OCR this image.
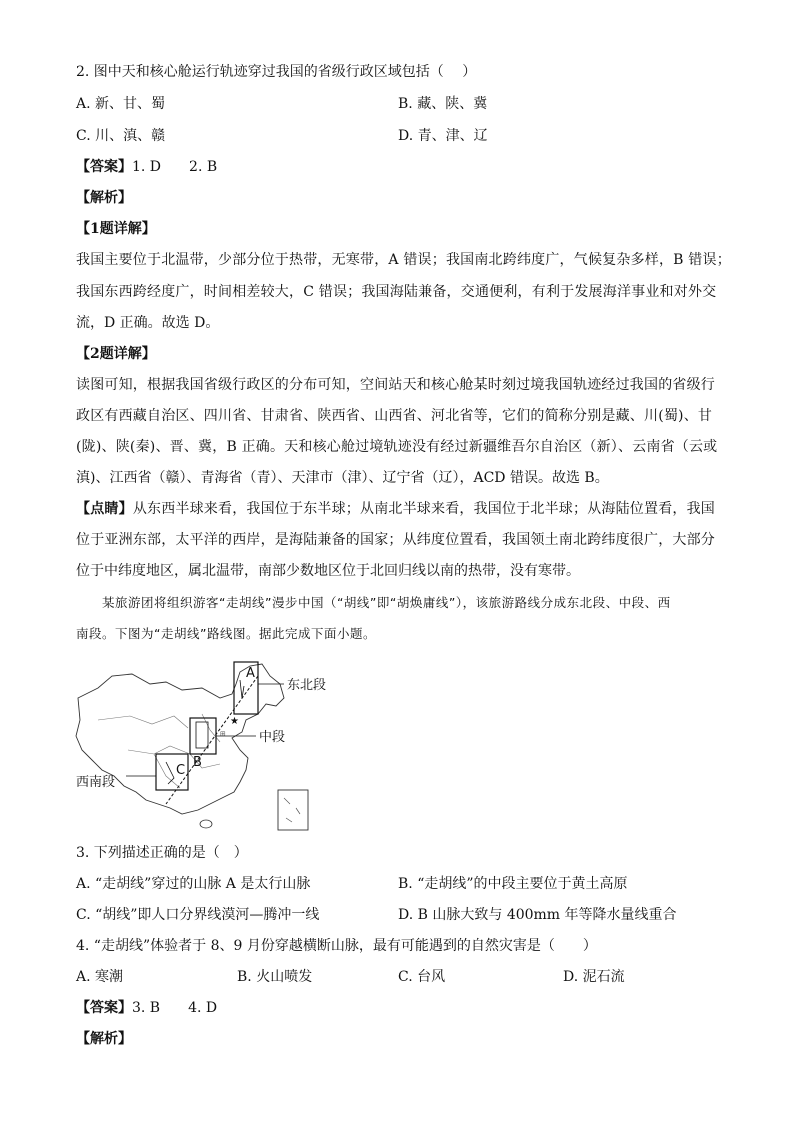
2. 图中天和核心舱运行轨迹穿过我国的省级行政区域包括（　 ）
A. 新、甘、蜀	B. 藏、陕、冀
C. 川、滇、赣	D. 青、津、辽
【答案】1. D　　2. B
【解析】
【1题详解】
我国主要位于北温带，少部分位于热带，无寒带，A 错误；我国南北跨纬度广，气候复杂多样，B 错误；
我国东西跨经度广，时间相差较大，C 错误；我国海陆兼备，交通便利，有利于发展海洋事业和对外交
流，D 正确。故选 D。
【2题详解】
读图可知，根据我国省级行政区的分布可知，空间站天和核心舱某时刻过境我国轨迹经过我国的省级行
政区有西藏自治区、四川省、甘肃省、陕西省、山西省、河北省等，它们的简称分别是藏、川(蜀)、甘
(陇)、陕(秦)、晋、冀，B 正确。天和核心舱过境轨迹没有经过新疆维吾尔自治区（新）、云南省（云或
滇)、江西省（赣）、青海省（青）、天津市（津）、辽宁省（辽），ACD 错误。故选 B。
【点睛】从东西半球来看，我国位于东半球；从南北半球来看，我国位于北半球；从海陆位置看，我国
位于亚洲东部，太平洋的西岸，是海陆兼备的国家；从纬度位置看，我国领土南北跨纬度很广，大部分
位于中纬度地区，属北温带，南部少数地区位于北回归线以南的热带，没有寒带。
　　某旅游团将组织游客“走胡线”漫步中国（“胡线”即“胡焕庸线”），该旅游路线分成东北段、中段、西
南段。下图为“走胡线”路线图。据此完成下面小题。
A
东北段
★
⊞	中段
B
C
西南段
3. 下列描述正确的是（　）
A. “走胡线”穿过的山脉 A 是太行山脉	B. “走胡线”的中段主要位于黄土高原
C. “胡线”即人口分界线漠河—腾冲一线	D. B 山脉大致与 400mm 年等降水量线重合
4. “走胡线”体验者于 8、9 月份穿越横断山脉，最有可能遇到的自然灾害是（　　）
A. 寒潮	B. 火山喷发	C. 台风	D. 泥石流
【答案】3. B　　4. D
【解析】
